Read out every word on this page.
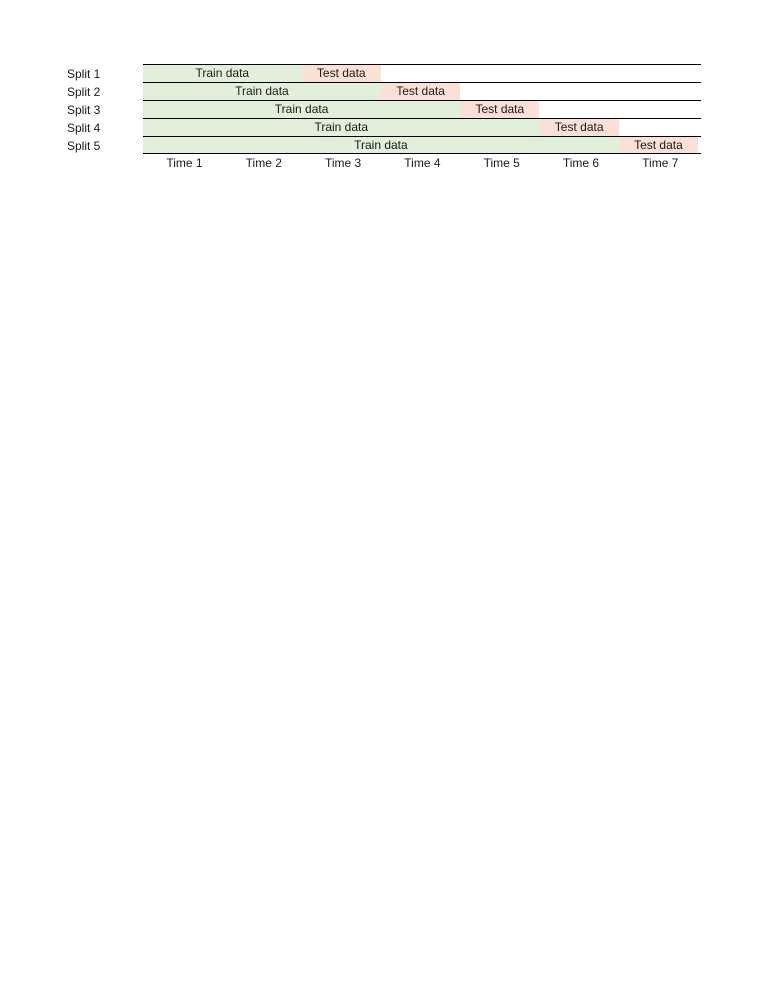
Split 1	Train data	Test data
Split 2	Train data	Test data
Split 3	Train data	Test data
Split 4	Train data	Test data
Split 5	Train data	Test data
Time 1	Time 2	Time 3	Time 4	Time 5	Time 6	Time 7
